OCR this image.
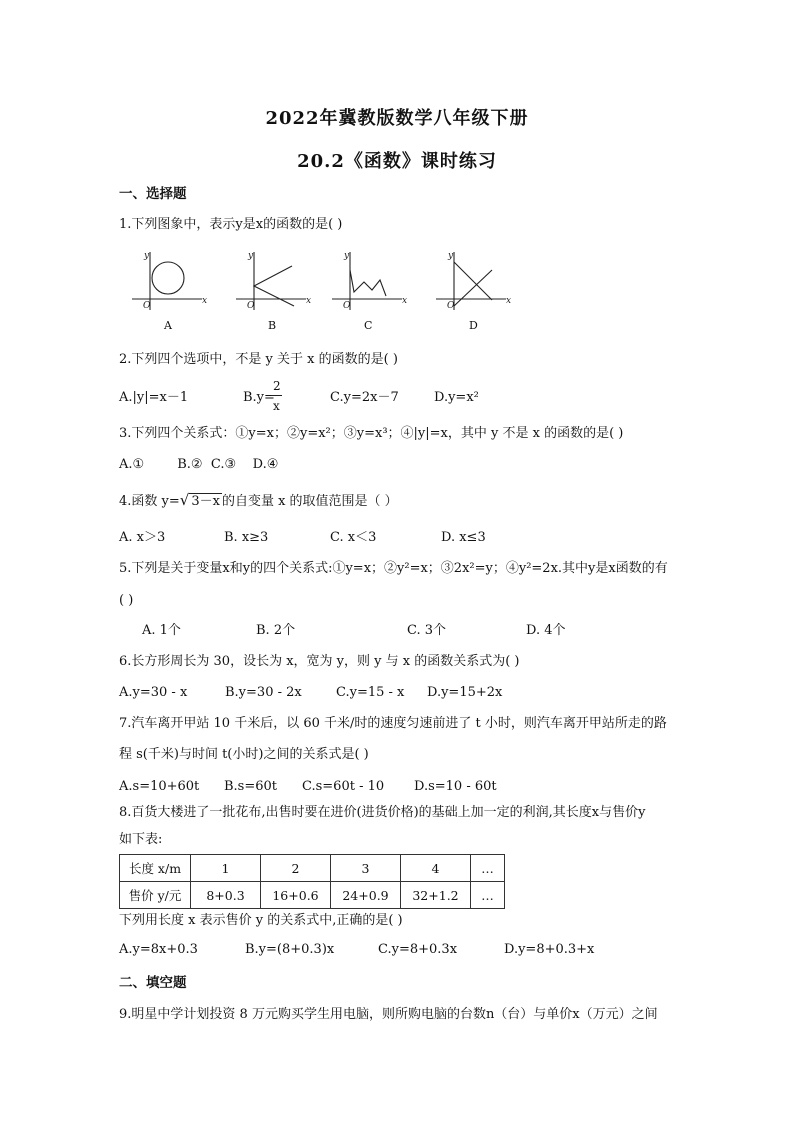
2022年冀教版数学八年级下册
20.2《函数》课时练习
一、选择题
1.下列图象中，表示y是x的函数的是( )
y
x
O
A
y
x
O
B
y
x
O
C
y
x
O
D
2.下列四个选项中，不是 y 关于 x 的函数的是( )
A.|y|=x－1	B.y=
2
x
C.y=2x－7	D.y=x²
3.下列四个关系式：①y=x；②y=x²；③y=x³；④|y|=x，其中 y 不是 x 的函数的是( )
A.①        B.②  C.③    D.④
4.函数 y=√ 3－x 的自变量 x 的取值范围是（ ）
A. x＞3	B. x≥3	C. x＜3	D. x≤3
5.下列是关于变量x和y的四个关系式:①y=x；②y²=x；③2x²=y；④y²=2x.其中y是x函数的有
( )
A. 1个	B. 2个	C. 3个	D. 4个
6.长方形周长为 30，设长为 x，宽为 y，则 y 与 x 的函数关系式为( )
A.y=30 - x	B.y=30 - 2x	C.y=15 - x D.y=15+2x
7.汽车离开甲站 10 千米后，以 60 千米/时的速度匀速前进了 t 小时，则汽车离开甲站所走的路
程 s(千米)与时间 t(小时)之间的关系式是( )
A.s=10+60t B.s=60t C.s=60t - 10 D.s=10 - 60t
8.百货大楼进了一批花布,出售时要在进价(进货价格)的基础上加一定的利润,其长度x与售价y
如下表:
长度 x/m	1	2	3	4	…
售价 y/元	8+0.3	16+0.6	24+0.9	32+1.2	…
下列用长度 x 表示售价 y 的关系式中,正确的是( )
A.y=8x+0.3	B.y=(8+0.3)x	C.y=8+0.3x	D.y=8+0.3+x
二、填空题
9.明星中学计划投资 8 万元购买学生用电脑，则所购电脑的台数n（台）与单价x（万元）之间
